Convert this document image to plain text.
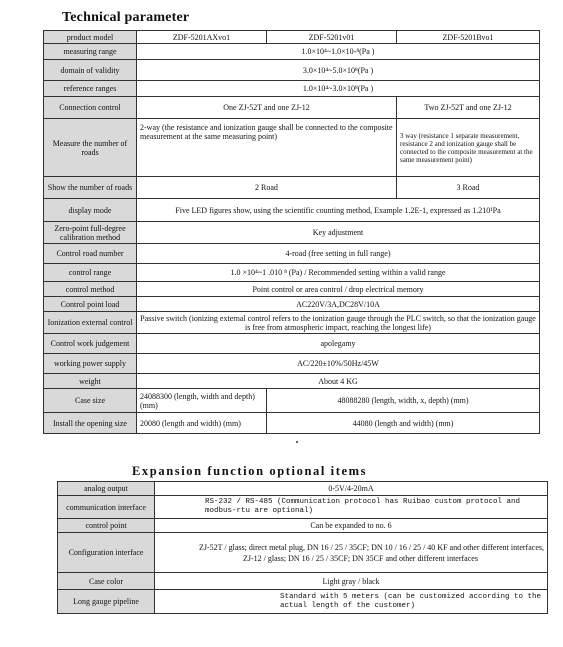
Technical parameter
product model	ZDF-5201AXvo1	ZDF-5201v01	ZDF-5201Bvo1
measuring range	1.0×10⁴~1.0×10-⁸(Pa )		
domain of validity	3.0×10⁴~5.0×10⁸(Pa )		
reference ranges	1.0×10⁴~3.0×10⁸(Pa )		
Connection control	One ZJ-52T and one ZJ-12		Two ZJ-52T and one ZJ-12
Measure the number of roads	2-way (the resistance and ionization gauge shall be connected to the composite measurement at the same measuring point)		3 way (resistance 1 separate measurement, resistance 2 and ionization gauge shall be connected to the composite measurement at the same measurement point)
Show the number of roads	2 Road		3 Road
display mode	Five LED figures show, using the scientific counting method, Example 1.2E-1, expressed as 1.210¹Pa		
Zero-point full-degree calibration method	Key adjustment		
Control road number	4-road (free setting in full range)		
control range	1.0 ×10⁴~1 .010 ⁸ (Pa) / Recommended setting within a valid range		
control method	Point control or area control / drop electrical memory		
Control point load	AC220V/3A,DC28V/10A		
Ionization external control	Passive switch (ionizing external control refers to the ionization gauge through the PLC switch, so that the ionization gauge is free from atmospheric impact, reaching the longest life)		
Control work judgement	apolegamy		
working power supply	AC/220±10%/50Hz/45W		
weight	About 4 KG		
Case size	24088300 (length, width and depth) (mm)	48088280 (length, width, x, depth) (mm)	
Install the opening size	20080 (length and width) (mm)	44080 (length and width) (mm)	
Expansion function optional items
analog output	0-5V/4-20mA
communication interface	RS-232 / RS-485 (Communication protocol has Ruibao custom protocol and modbus-rtu are optional)
control point	Can be expanded to no. 6
Configuration interface	ZJ-52T / glass; direct metal plug, DN 16 / 25 / 35CF; DN 10 / 16 / 25 / 40 KF and other different interfaces,
ZJ-12 / glass; DN 16 / 25 / 35CF; DN 35CF and other different interfaces

Case color	Light gray / black
Long gauge pipeline	Standard with 5 meters (can be customized according to the actual length of the customer)
